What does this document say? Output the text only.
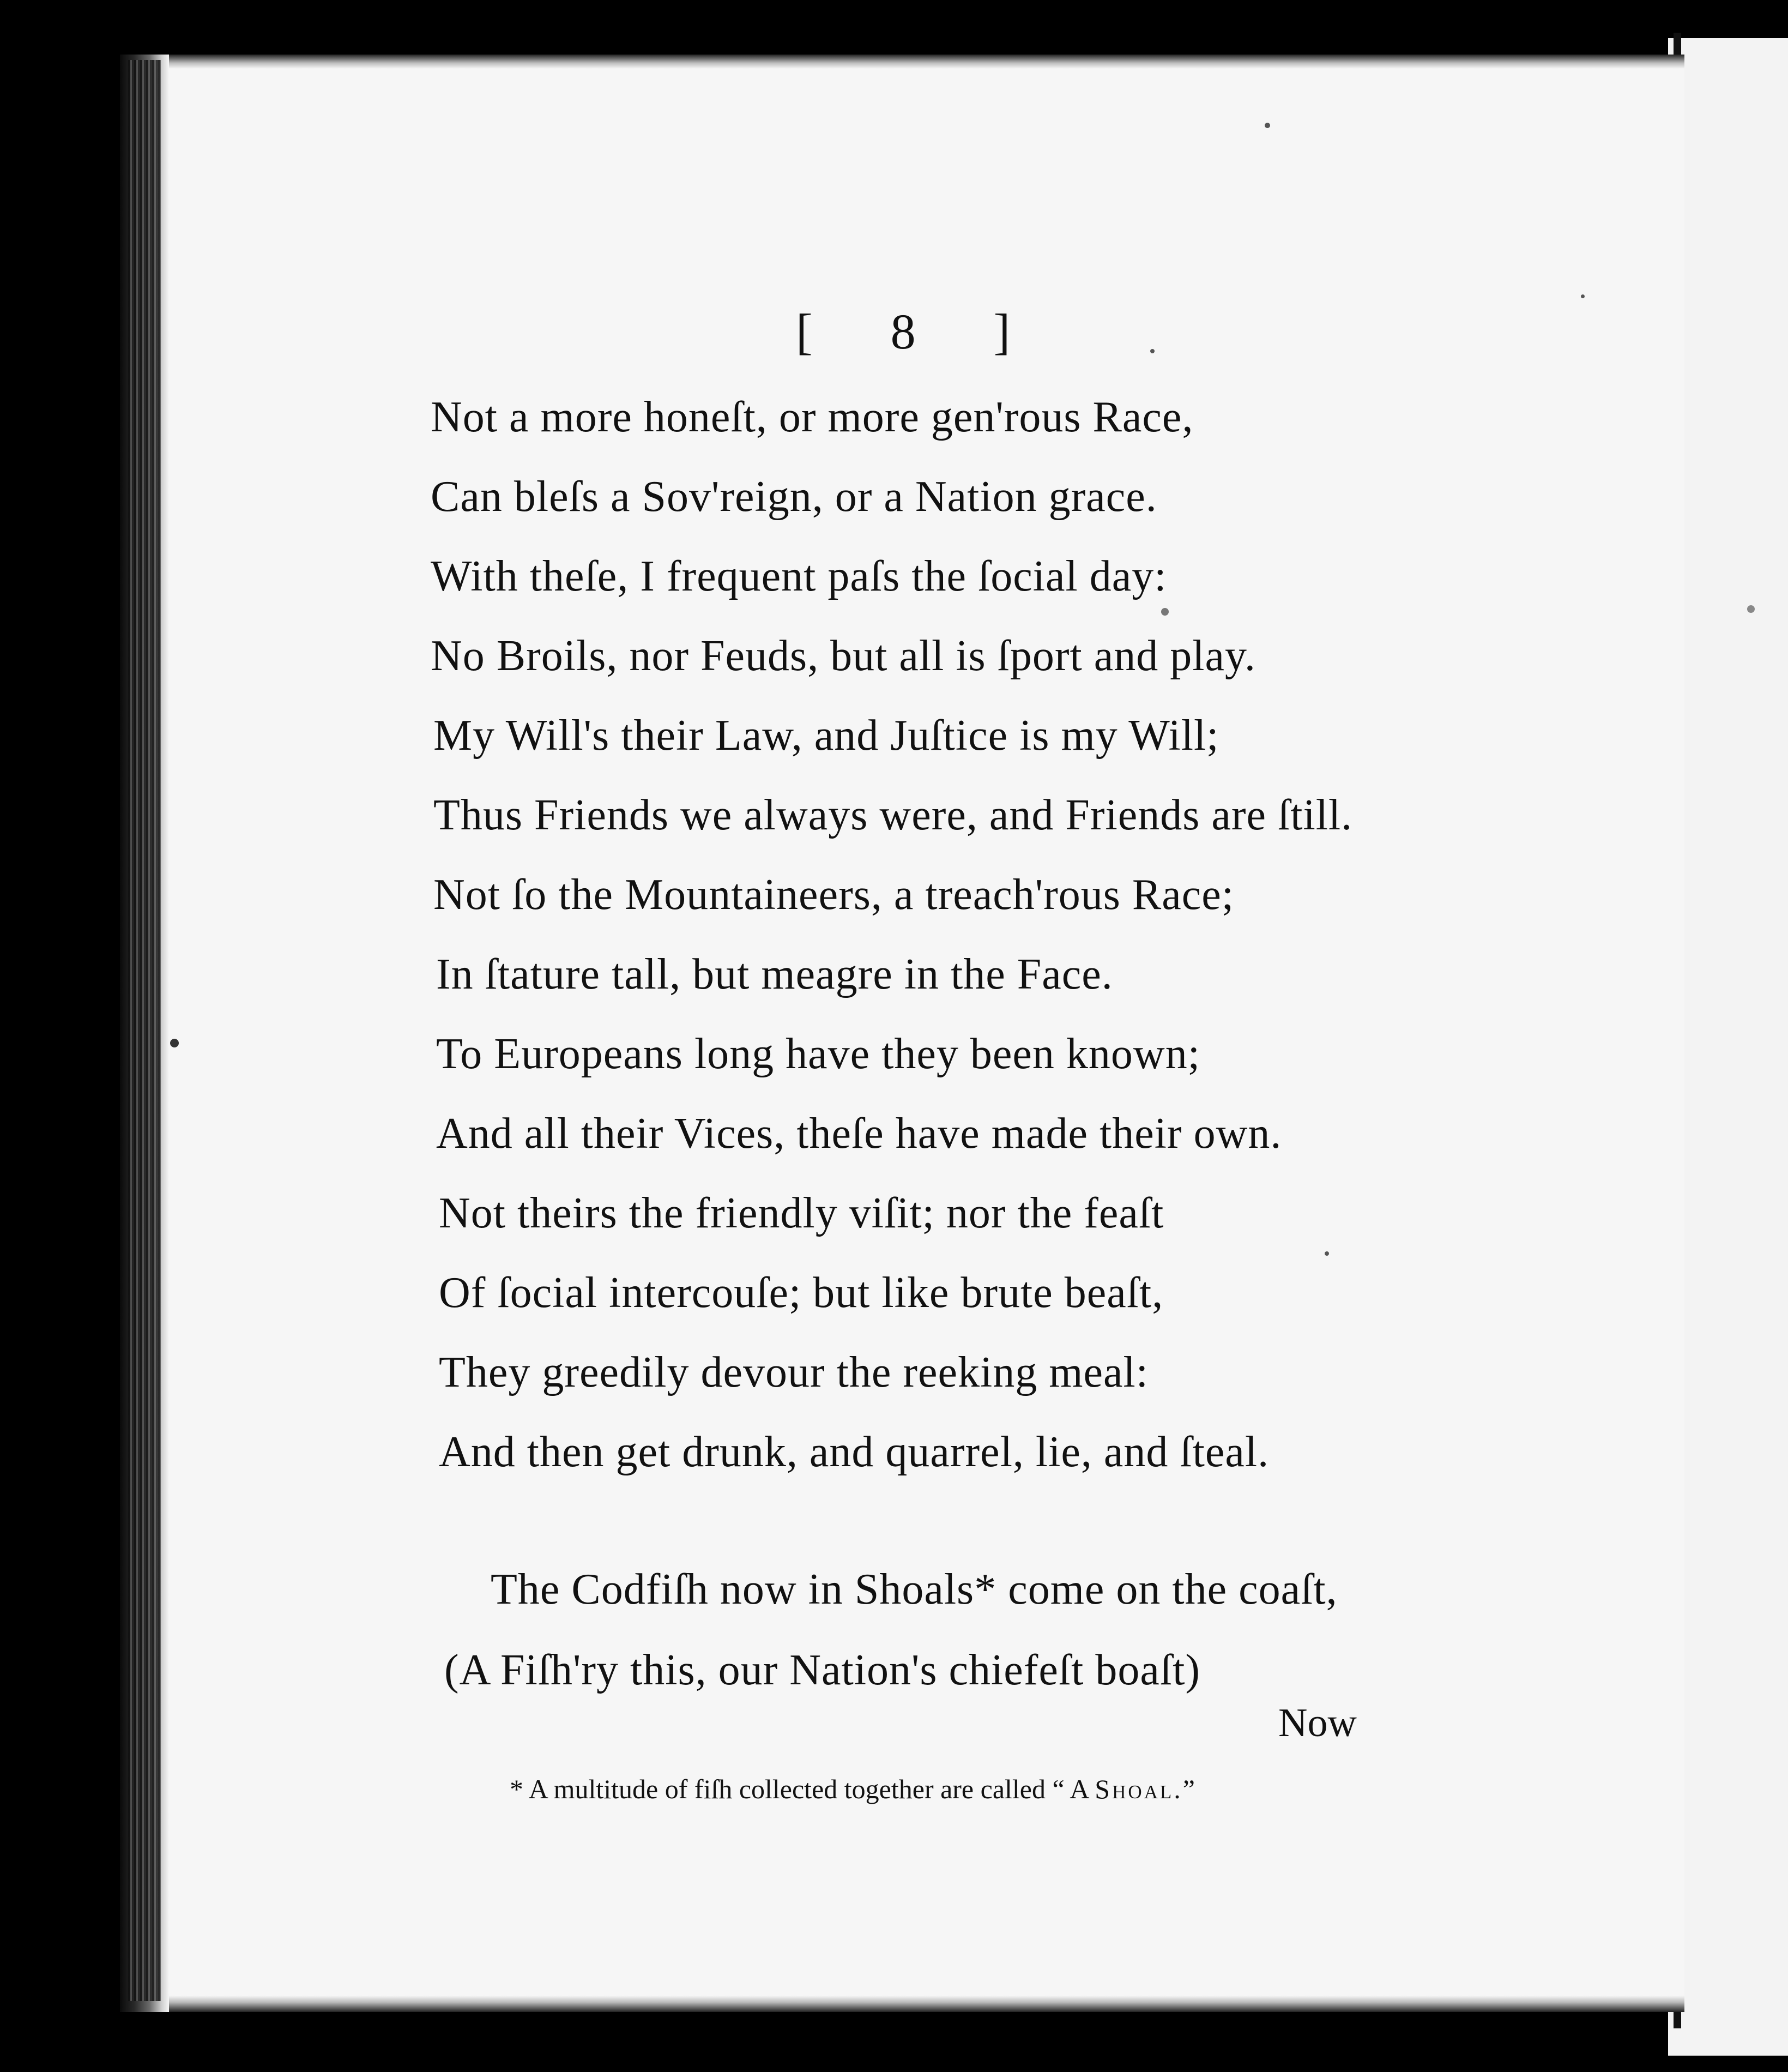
[ 8 ]
Not a more honeſt, or more gen'rous Race,
Can bleſs a Sov'reign, or a Nation grace.
With theſe, I frequent paſs the ſocial day:
No Broils, nor Feuds, but all is ſport and play.
My Will's their Law, and Juſtice is my Will;
Thus Friends we always were, and Friends are ſtill.
Not ſo the Mountaineers, a treach'rous Race;
In ſtature tall, but meagre in the Face.
To Europeans long have they been known;
And all their Vices, theſe have made their own.
Not theirs the friendly viſit; nor the feaſt
Of ſocial intercouſe; but like brute beaſt,
They greedily devour the reeking meal:
And then get drunk, and quarrel, lie, and ſteal.
The Codfiſh now in Shoals* come on the coaſt,
(A Fiſh'ry this, our Nation's chiefeſt boaſt)
Now
* A multitude of fiſh collected together are called “ A Shoal.”
